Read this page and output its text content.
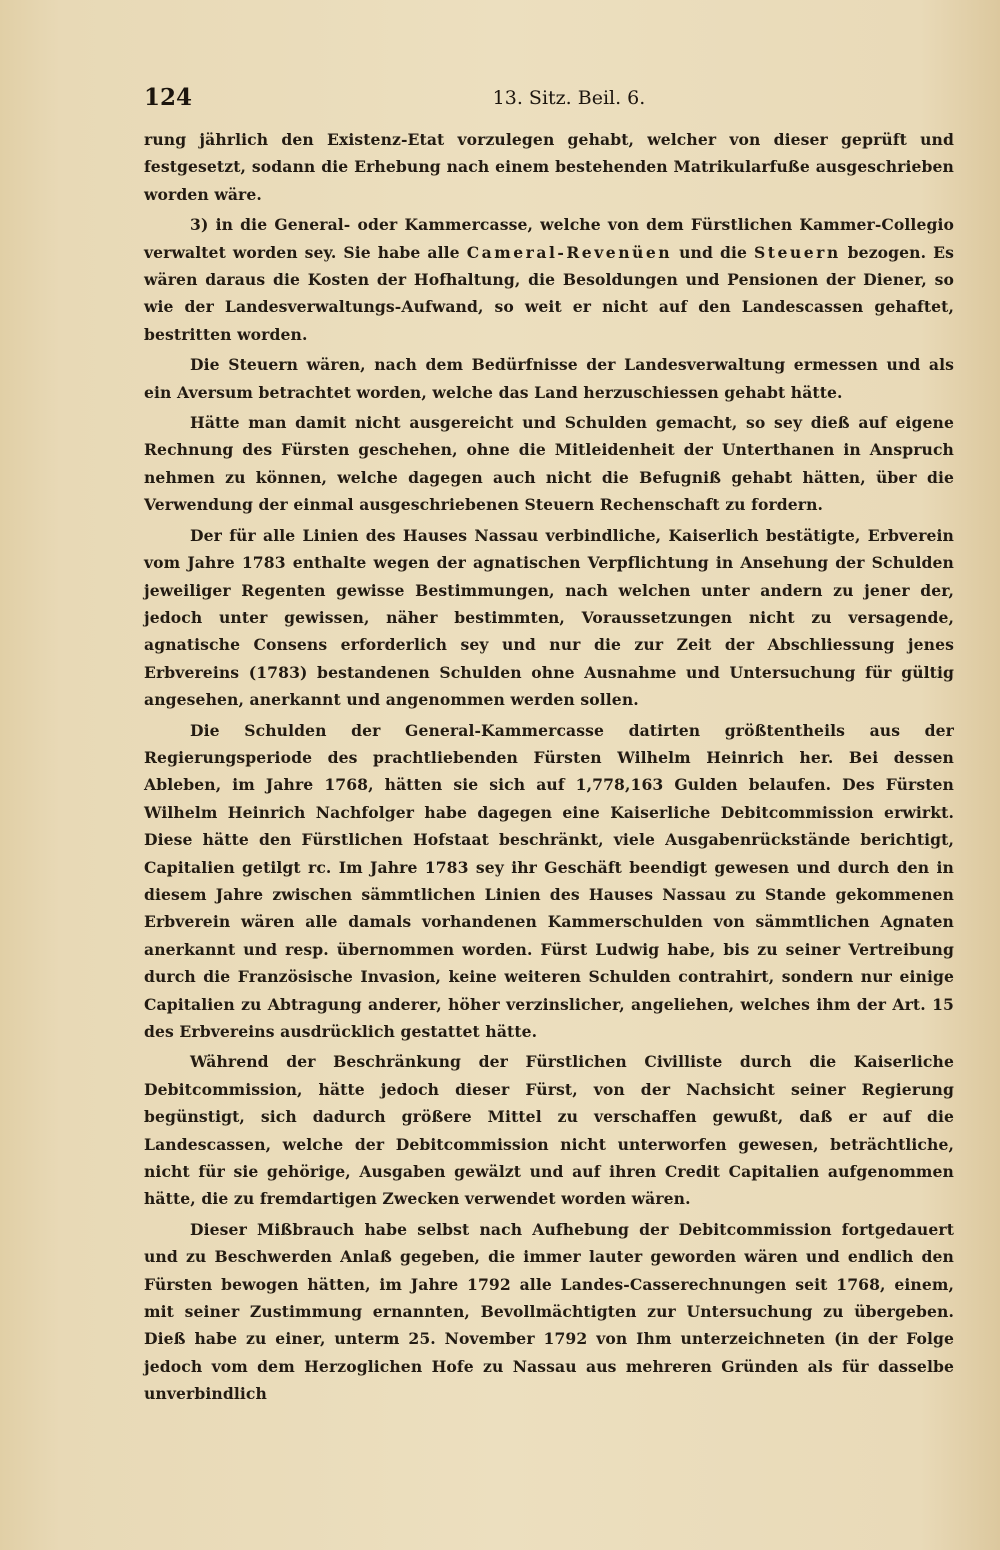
124	13. Sitz. Beil. 6.

rung jährlich den Existenz-Etat vorzulegen gehabt, welcher von dieser geprüft und festgesetzt, sodann die Erhebung nach einem bestehenden Matrikularfuße ausgeschrieben worden wäre.

3) in die General- oder Kammercasse, welche von dem Fürstlichen Kammer-Collegio verwaltet worden sey. Sie habe alle Cameral-Revenüen und die Steuern bezogen. Es wären daraus die Kosten der Hofhaltung, die Besoldungen und Pensionen der Diener, so wie der Landesverwaltungs-Aufwand, so weit er nicht auf den Landescassen gehaftet, bestritten worden.

Die Steuern wären, nach dem Bedürfnisse der Landesverwaltung ermessen und als ein Aversum betrachtet worden, welche das Land herzuschiessen gehabt hätte.

Hätte man damit nicht ausgereicht und Schulden gemacht, so sey dieß auf eigene Rechnung des Fürsten geschehen, ohne die Mitleidenheit der Unterthanen in Anspruch nehmen zu können, welche dagegen auch nicht die Befugniß gehabt hätten, über die Verwendung der einmal ausgeschriebenen Steuern Rechenschaft zu fordern.

Der für alle Linien des Hauses Nassau verbindliche, Kaiserlich bestätigte, Erbverein vom Jahre 1783 enthalte wegen der agnatischen Verpflichtung in Ansehung der Schulden jeweiliger Regenten gewisse Bestimmungen, nach welchen unter andern zu jener der, jedoch unter gewissen, näher bestimmten, Voraussetzungen nicht zu versagende, agnatische Consens erforderlich sey und nur die zur Zeit der Abschliessung jenes Erbvereins (1783) bestandenen Schulden ohne Ausnahme und Untersuchung für gültig angesehen, anerkannt und angenommen werden sollen.

Die Schulden der General-Kammercasse datirten größtentheils aus der Regierungsperiode des prachtliebenden Fürsten Wilhelm Heinrich her. Bei dessen Ableben, im Jahre 1768, hätten sie sich auf 1,778,163 Gulden belaufen. Des Fürsten Wilhelm Heinrich Nachfolger habe dagegen eine Kaiserliche Debitcommission erwirkt. Diese hätte den Fürstlichen Hofstaat beschränkt, viele Ausgabenrückstände berichtigt, Capitalien getilgt rc. Im Jahre 1783 sey ihr Geschäft beendigt gewesen und durch den in diesem Jahre zwischen sämmtlichen Linien des Hauses Nassau zu Stande gekommenen Erbverein wären alle damals vorhandenen Kammerschulden von sämmtlichen Agnaten anerkannt und resp. übernommen worden. Fürst Ludwig habe, bis zu seiner Vertreibung durch die Französische Invasion, keine weiteren Schulden contrahirt, sondern nur einige Capitalien zu Abtragung anderer, höher verzinslicher, angeliehen, welches ihm der Art. 15 des Erbvereins ausdrücklich gestattet hätte.

Während der Beschränkung der Fürstlichen Civilliste durch die Kaiserliche Debitcommission, hätte jedoch dieser Fürst, von der Nachsicht seiner Regierung begünstigt, sich dadurch größere Mittel zu verschaffen gewußt, daß er auf die Landescassen, welche der Debitcommission nicht unterworfen gewesen, beträchtliche, nicht für sie gehörige, Ausgaben gewälzt und auf ihren Credit Capitalien aufgenommen hätte, die zu fremdartigen Zwecken verwendet worden wären.

Dieser Mißbrauch habe selbst nach Aufhebung der Debitcommission fortgedauert und zu Beschwerden Anlaß gegeben, die immer lauter geworden wären und endlich den Fürsten bewogen hätten, im Jahre 1792 alle Landes-Casserechnungen seit 1768, einem, mit seiner Zustimmung ernannten, Bevollmächtigten zur Untersuchung zu übergeben. Dieß habe zu einer, unterm 25. November 1792 von Ihm unterzeichneten (in der Folge jedoch vom dem Herzoglichen Hofe zu Nassau aus mehreren Gründen als für dasselbe unverbindlich
